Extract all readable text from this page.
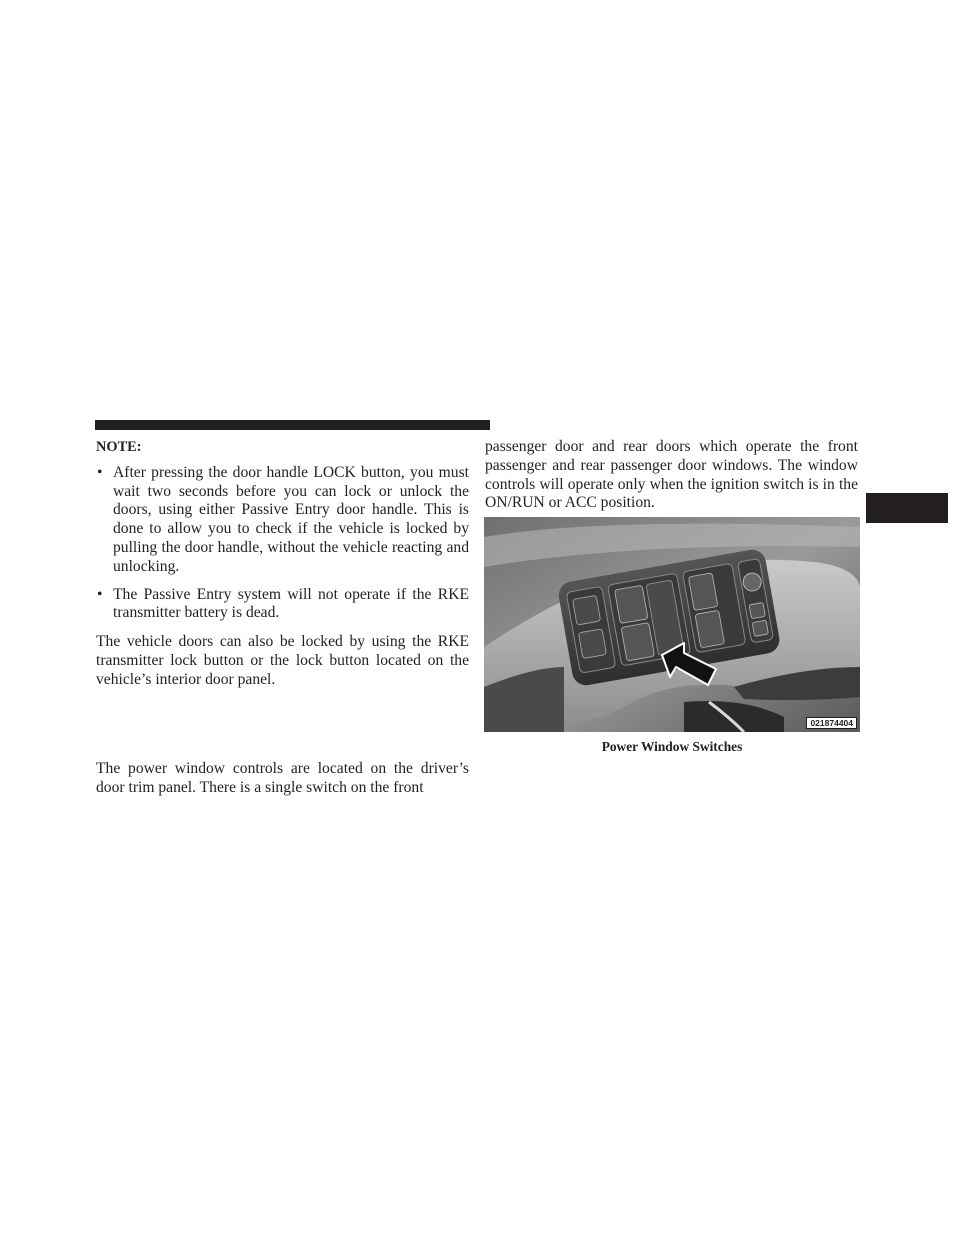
NOTE:
• After pressing the door handle LOCK button, you must wait two seconds before you can lock or unlock the doors, using either Passive Entry door handle. This is done to allow you to check if the vehicle is locked by pulling the door handle, without the vehicle reacting and unlocking.
• The Passive Entry system will not operate if the RKE transmitter battery is dead.

The vehicle doors can also be locked by using the RKE transmitter lock button or the lock button located on the vehicle’s interior door panel.

The power window controls are located on the driver’s door trim panel. There is a single switch on the front

passenger door and rear doors which operate the front passenger and rear passenger door windows. The window controls will operate only when the ignition switch is in the ON/RUN or ACC position.

021874404
Power Window Switches
